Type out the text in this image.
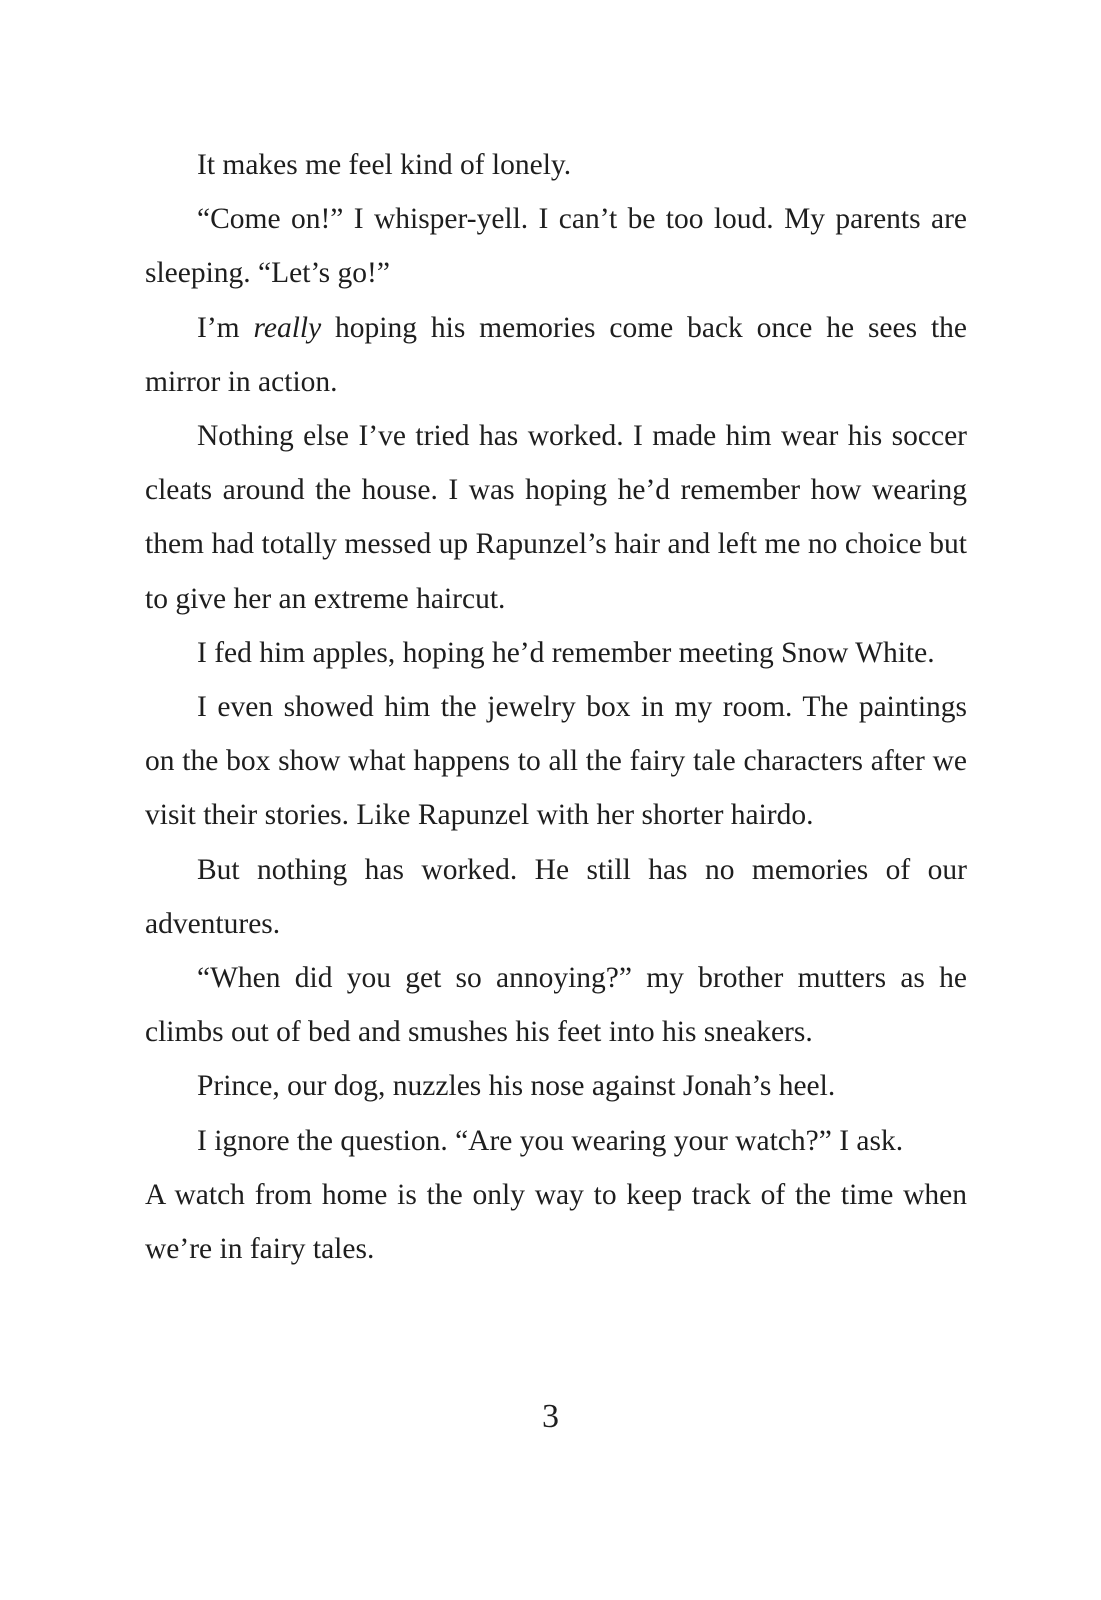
It makes me feel kind of lonely.

“Come on!” I whisper-yell. I can’t be too loud. My parents are sleeping. “Let’s go!”

I’m really hoping his memories come back once he sees the mirror in action.

Nothing else I’ve tried has worked. I made him wear his soccer cleats around the house. I was hoping he’d remember how wearing them had totally messed up Rapunzel’s hair and left me no choice but to give her an extreme haircut.

I fed him apples, hoping he’d remember meeting Snow White.

I even showed him the jewelry box in my room. The paintings on the box show what happens to all the fairy tale characters after we visit their stories. Like Rapunzel with her shorter hairdo.

But nothing has worked. He still has no memories of our adventures.

“When did you get so annoying?” my brother mutters as he climbs out of bed and smushes his feet into his sneakers.

Prince, our dog, nuzzles his nose against Jonah’s heel.

I ignore the question. “Are you wearing your watch?” I ask.

A watch from home is the only way to keep track of the time when we’re in fairy tales.

3
